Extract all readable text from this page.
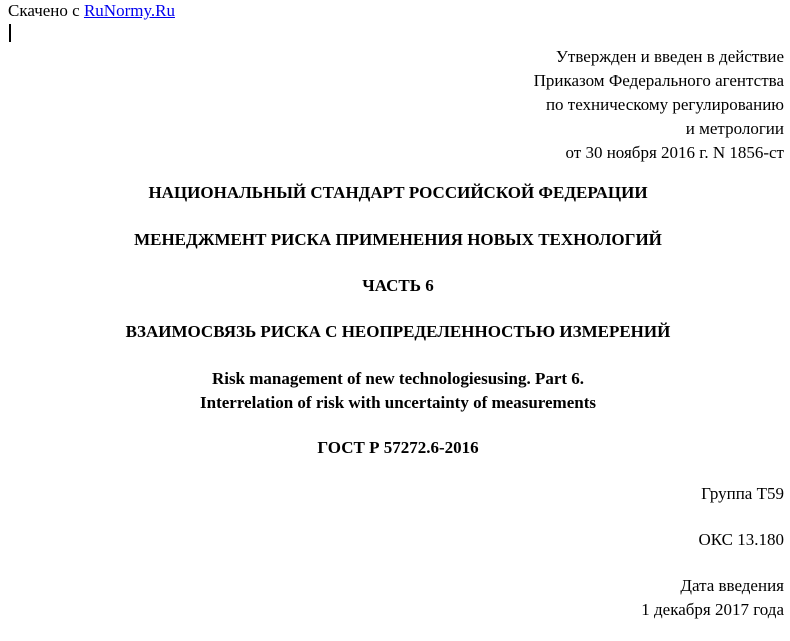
Скачено с RuNormy.Ru
Утвержден и введен в действие
Приказом Федерального агентства
по техническому регулированию
и метрологии
от 30 ноября 2016 г. N 1856-ст
НАЦИОНАЛЬНЫЙ СТАНДАРТ РОССИЙСКОЙ ФЕДЕРАЦИИ
МЕНЕДЖМЕНТ РИСКА ПРИМЕНЕНИЯ НОВЫХ ТЕХНОЛОГИЙ
ЧАСТЬ 6
ВЗАИМОСВЯЗЬ РИСКА С НЕОПРЕДЕЛЕННОСТЬЮ ИЗМЕРЕНИЙ
Risk management of new technologiesusing. Part 6.
Interrelation of risk with uncertainty of measurements
ГОСТ Р 57272.6-2016
Группа Т59
ОКС 13.180
Дата введения
1 декабря 2017 года
